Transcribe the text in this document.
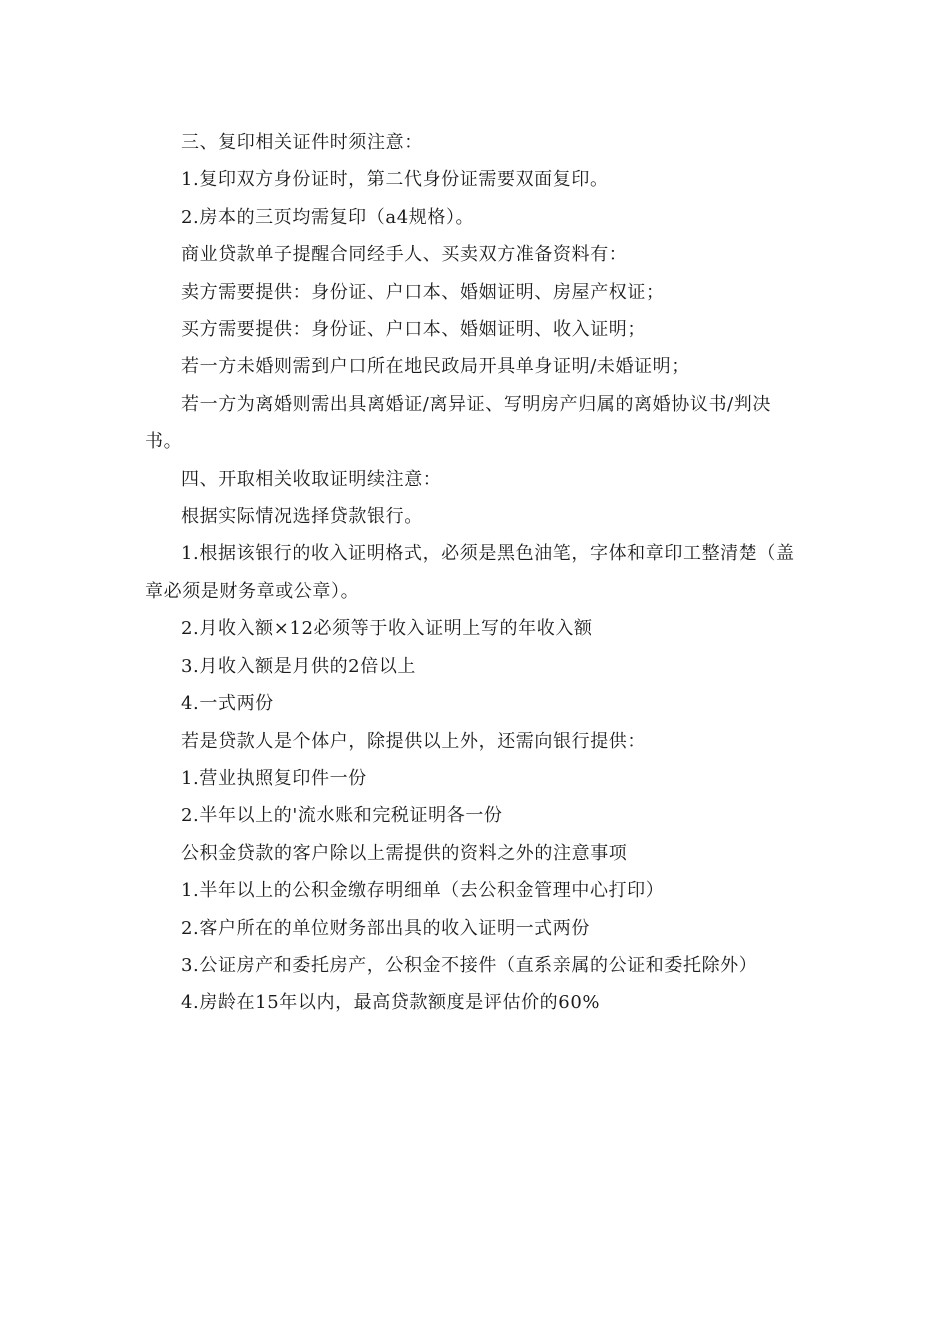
三、复印相关证件时须注意：

1.复印双方身份证时，第二代身份证需要双面复印。

2.房本的三页均需复印（a4规格）。

商业贷款单子提醒合同经手人、买卖双方准备资料有：

卖方需要提供：身份证、户口本、婚姻证明、房屋产权证；

买方需要提供：身份证、户口本、婚姻证明、收入证明；

若一方未婚则需到户口所在地民政局开具单身证明/未婚证明；

若一方为离婚则需出具离婚证/离异证、写明房产归属的离婚协议书/判决书。

四、开取相关收取证明续注意：

根据实际情况选择贷款银行。

1.根据该银行的收入证明格式，必须是黑色油笔，字体和章印工整清楚（盖章必须是财务章或公章）。

2.月收入额×12必须等于收入证明上写的年收入额

3.月收入额是月供的2倍以上

4.一式两份

若是贷款人是个体户，除提供以上外，还需向银行提供：

1.营业执照复印件一份

2.半年以上的'流水账和完税证明各一份

公积金贷款的客户除以上需提供的资料之外的注意事项

1.半年以上的公积金缴存明细单（去公积金管理中心打印）

2.客户所在的单位财务部出具的收入证明一式两份

3.公证房产和委托房产，公积金不接件（直系亲属的公证和委托除外）

4.房龄在15年以内，最高贷款额度是评估价的60%
